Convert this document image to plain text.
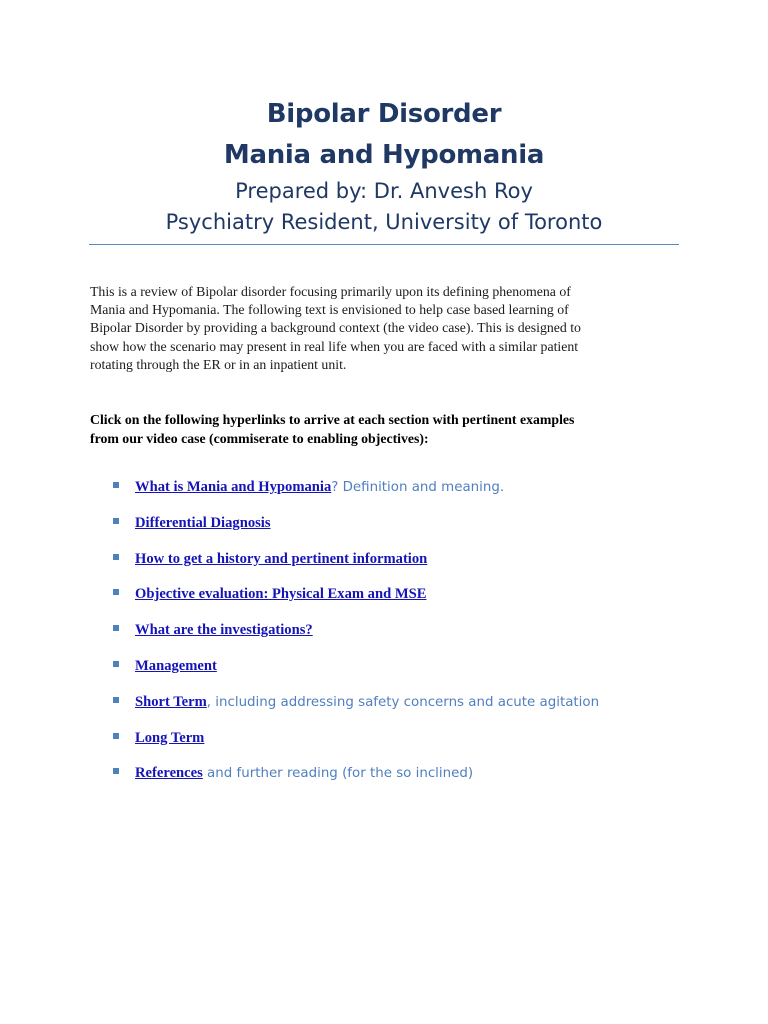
Bipolar Disorder
Mania and Hypomania
Prepared by: Dr. Anvesh Roy
Psychiatry Resident, University of Toronto
This is a review of Bipolar disorder focusing primarily upon its defining phenomena of
Mania and Hypomania. The following text is envisioned to help case based learning of
Bipolar Disorder by providing a background context (the video case). This is designed to
show how the scenario may present in real life when you are faced with a similar patient
rotating through the ER or in an inpatient unit.
Click on the following hyperlinks to arrive at each section with pertinent examples
from our video case (commiserate to enabling objectives):
What is Mania and Hypomania? Definition and meaning.
Differential Diagnosis
How to get a history and pertinent information
Objective evaluation: Physical Exam and MSE
What are the investigations?
Management
Short Term, including addressing safety concerns and acute agitation
Long Term
References and further reading (for the so inclined)
